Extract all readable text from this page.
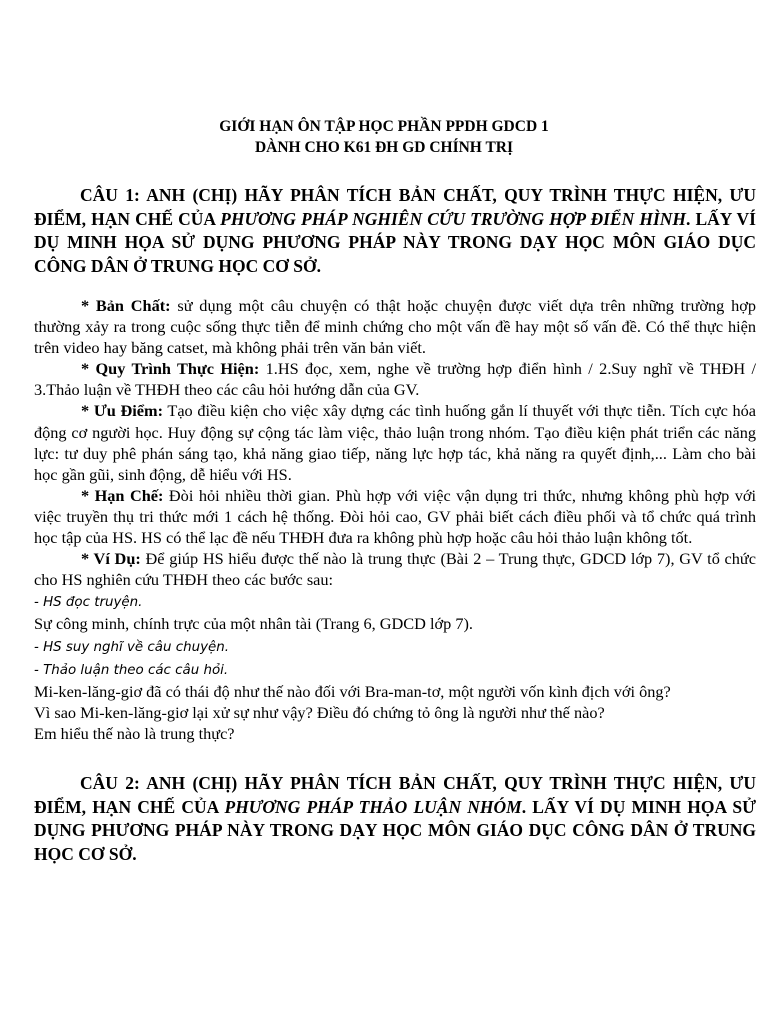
GIỚI HẠN ÔN TẬP HỌC PHẦN PPDH GDCD 1
DÀNH CHO K61 ĐH GD CHÍNH TRỊ
CÂU 1: ANH (CHỊ) HÃY PHÂN TÍCH BẢN CHẤT, QUY TRÌNH THỰC HIỆN, ƯU ĐIỂM, HẠN CHẾ CỦA PHƯƠNG PHÁP NGHIÊN CỨU TRƯỜNG HỢP ĐIỂN HÌNH. LẤY VÍ DỤ MINH HỌA SỬ DỤNG PHƯƠNG PHÁP NÀY TRONG DẠY HỌC MÔN GIÁO DỤC CÔNG DÂN Ở TRUNG HỌC CƠ SỞ.

* Bản Chất: sử dụng một câu chuyện có thật hoặc chuyện được viết dựa trên những trường hợp thường xảy ra trong cuộc sống thực tiễn để minh chứng cho một vấn đề hay một số vấn đề. Có thể thực hiện trên video hay băng catset, mà không phải trên văn bản viết.

* Quy Trình Thực Hiện: 1.HS đọc, xem, nghe về trường hợp điển hình / 2.Suy nghĩ về THĐH / 3.Thảo luận về THĐH theo các câu hỏi hướng dẫn của GV.

* Ưu Điểm: Tạo điều kiện cho việc xây dựng các tình huống gắn lí thuyết với thực tiễn. Tích cực hóa động cơ người học. Huy động sự cộng tác làm việc, thảo luận trong nhóm. Tạo điều kiện phát triển các năng lực: tư duy phê phán sáng tạo, khả năng giao tiếp, năng lực hợp tác, khả năng ra quyết định,... Làm cho bài học gần gũi, sinh động, dễ hiểu với HS.

* Hạn Chế: Đòi hỏi nhiều thời gian. Phù hợp với việc vận dụng tri thức, nhưng không phù hợp với việc truyền thụ tri thức mới 1 cách hệ thống. Đòi hỏi cao, GV phải biết cách điều phối và tổ chức quá trình học tập của HS. HS có thể lạc đề nếu THĐH đưa ra không phù hợp hoặc câu hỏi thảo luận không tốt.

* Ví Dụ: Để giúp HS hiểu được thế nào là trung thực (Bài 2 – Trung thực, GDCD lớp 7), GV tổ chức cho HS nghiên cứu THĐH theo các bước sau:

- HS đọc truyện.

Sự công minh, chính trực của một nhân tài (Trang 6, GDCD lớp 7).

- HS suy nghĩ về câu chuyện.

- Thảo luận theo các câu hỏi.

Mi-ken-lăng-giơ đã có thái độ như thế nào đối với Bra-man-tơ, một người vốn kình địch với ông?

Vì sao Mi-ken-lăng-giơ lại xử sự như vậy? Điều đó chứng tỏ ông là người như thế nào?

Em hiểu thế nào là trung thực?

CÂU 2: ANH (CHỊ) HÃY PHÂN TÍCH BẢN CHẤT, QUY TRÌNH THỰC HIỆN, ƯU ĐIỂM, HẠN CHẾ CỦA PHƯƠNG PHÁP THẢO LUẬN NHÓM. LẤY VÍ DỤ MINH HỌA SỬ DỤNG PHƯƠNG PHÁP NÀY TRONG DẠY HỌC MÔN GIÁO DỤC CÔNG DÂN Ở TRUNG HỌC CƠ SỞ.
